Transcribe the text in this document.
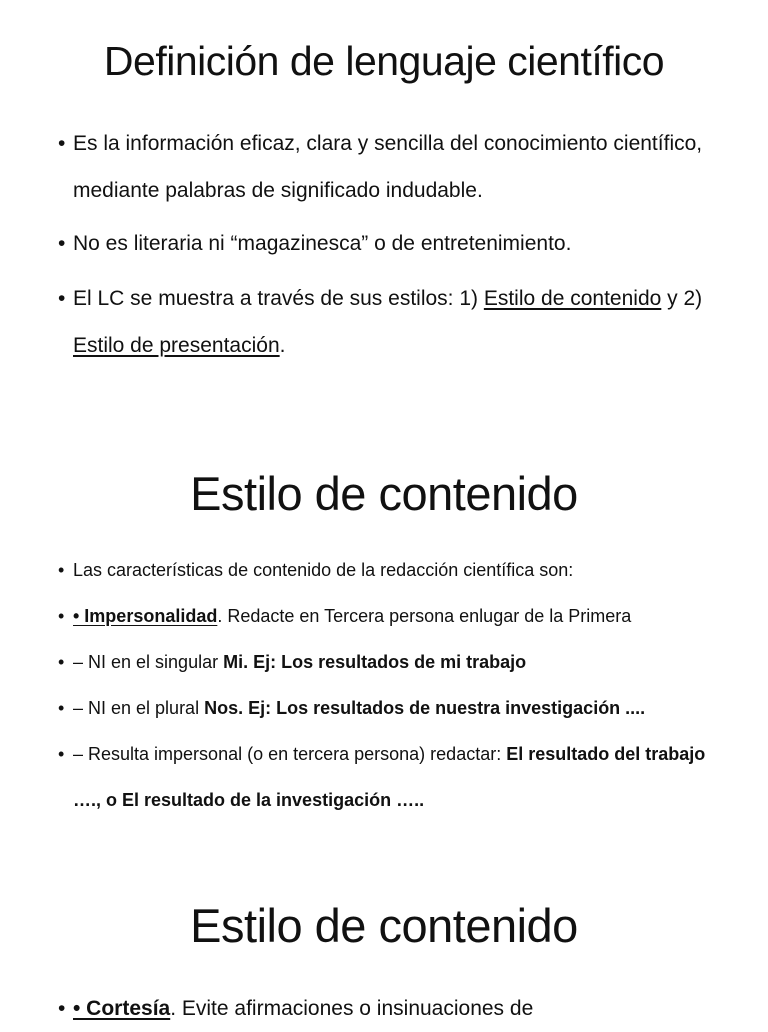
Definición de lenguaje científico
• Es la información eficaz, clara y sencilla del conocimiento científico, mediante palabras de significado indudable.
• No es literaria ni “magazinesca” o de entretenimiento.
• El LC se muestra a través de sus estilos: 1) Estilo de contenido y 2) Estilo de presentación.
Estilo de contenido
• Las características de contenido de la redacción científica son:
• • Impersonalidad. Redacte en Tercera persona enlugar de la Primera
• – NI en el singular Mi. Ej: Los resultados de mi trabajo
• – NI en el plural Nos. Ej: Los resultados de nuestra investigación ....
• – Resulta impersonal (o en tercera persona) redactar: El resultado del trabajo …., o El resultado de la investigación …..
Estilo de contenido
• • Cortesía. Evite afirmaciones o insinuaciones de
